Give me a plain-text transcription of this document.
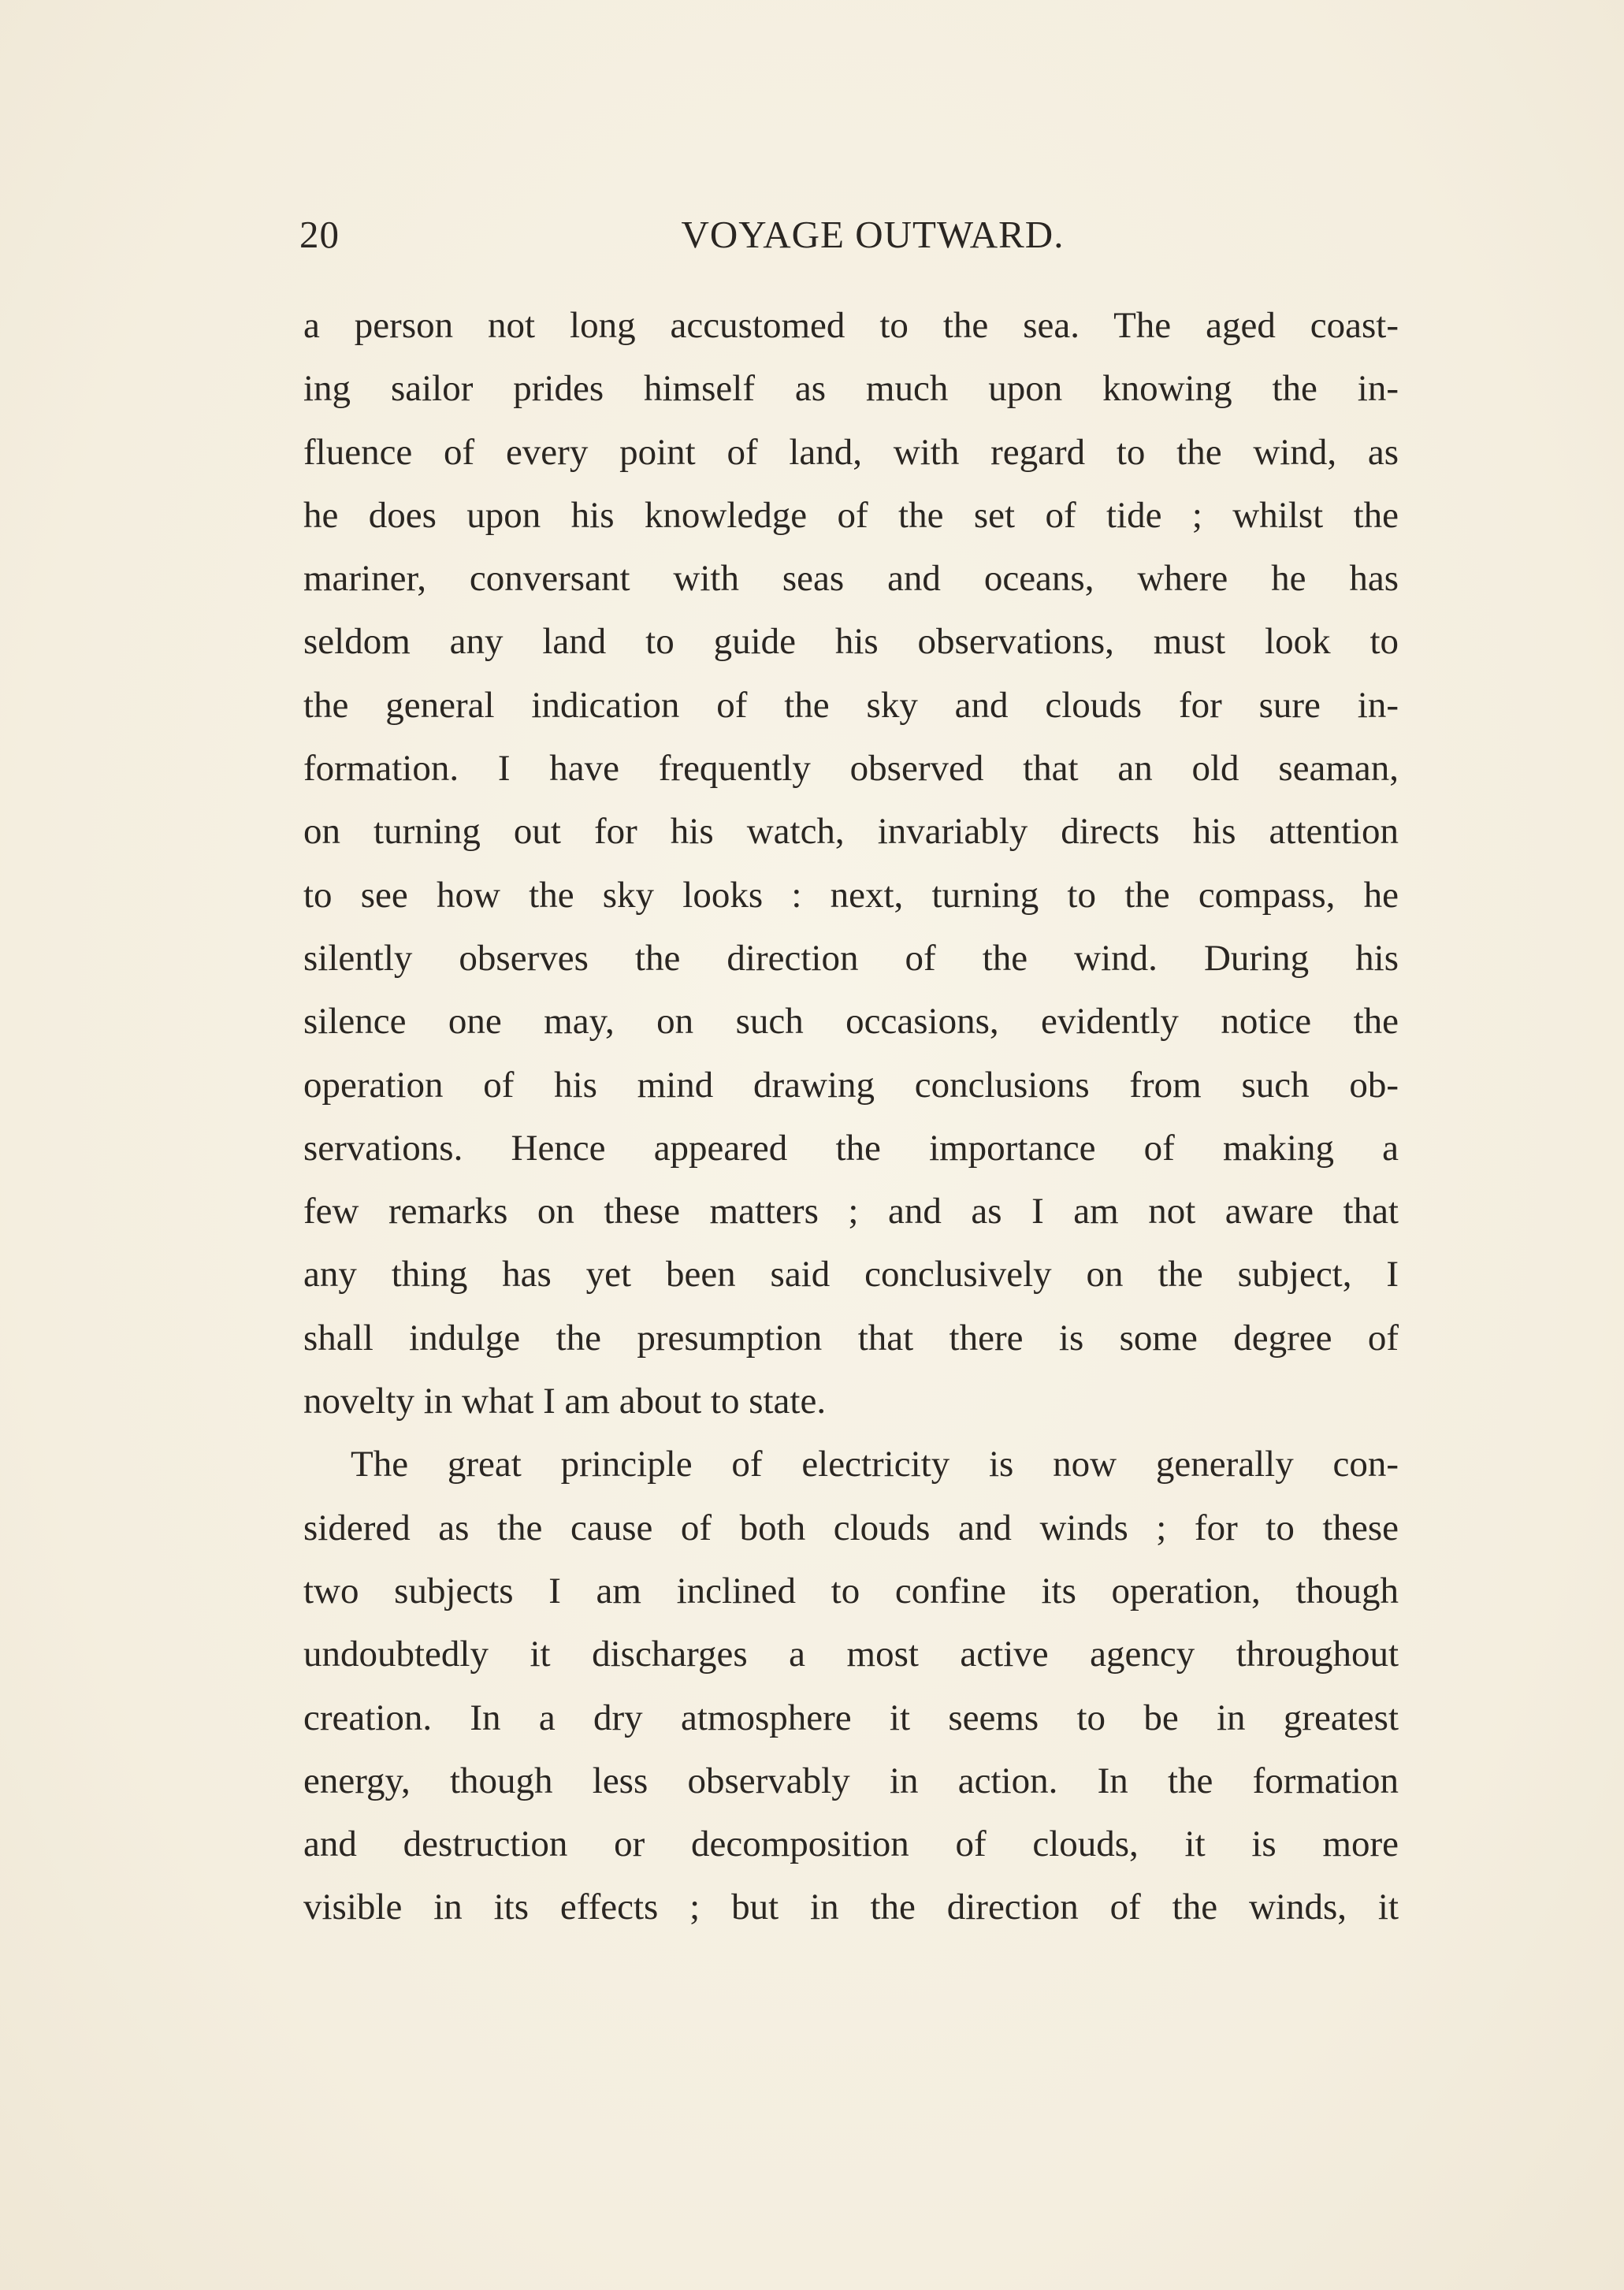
20	VOYAGE OUTWARD.
a person not long accustomed to the sea. The aged coast-
ing sailor prides himself as much upon knowing the in-
fluence of every point of land, with regard to the wind, as
he does upon his knowledge of the set of tide ; whilst the
mariner, conversant with seas and oceans, where he has
seldom any land to guide his observations, must look to
the general indication of the sky and clouds for sure in-
formation. I have frequently observed that an old seaman,
on turning out for his watch, invariably directs his attention
to see how the sky looks : next, turning to the compass, he
silently observes the direction of the wind. During his
silence one may, on such occasions, evidently notice the
operation of his mind drawing conclusions from such ob-
servations. Hence appeared the importance of making a
few remarks on these matters ; and as I am not aware that
any thing has yet been said conclusively on the subject, I
shall indulge the presumption that there is some degree of
novelty in what I am about to state.
The great principle of electricity is now generally con-
sidered as the cause of both clouds and winds ; for to these
two subjects I am inclined to confine its operation, though
undoubtedly it discharges a most active agency throughout
creation. In a dry atmosphere it seems to be in greatest
energy, though less observably in action. In the formation
and destruction or decomposition of clouds, it is more
visible in its effects ; but in the direction of the winds, it
